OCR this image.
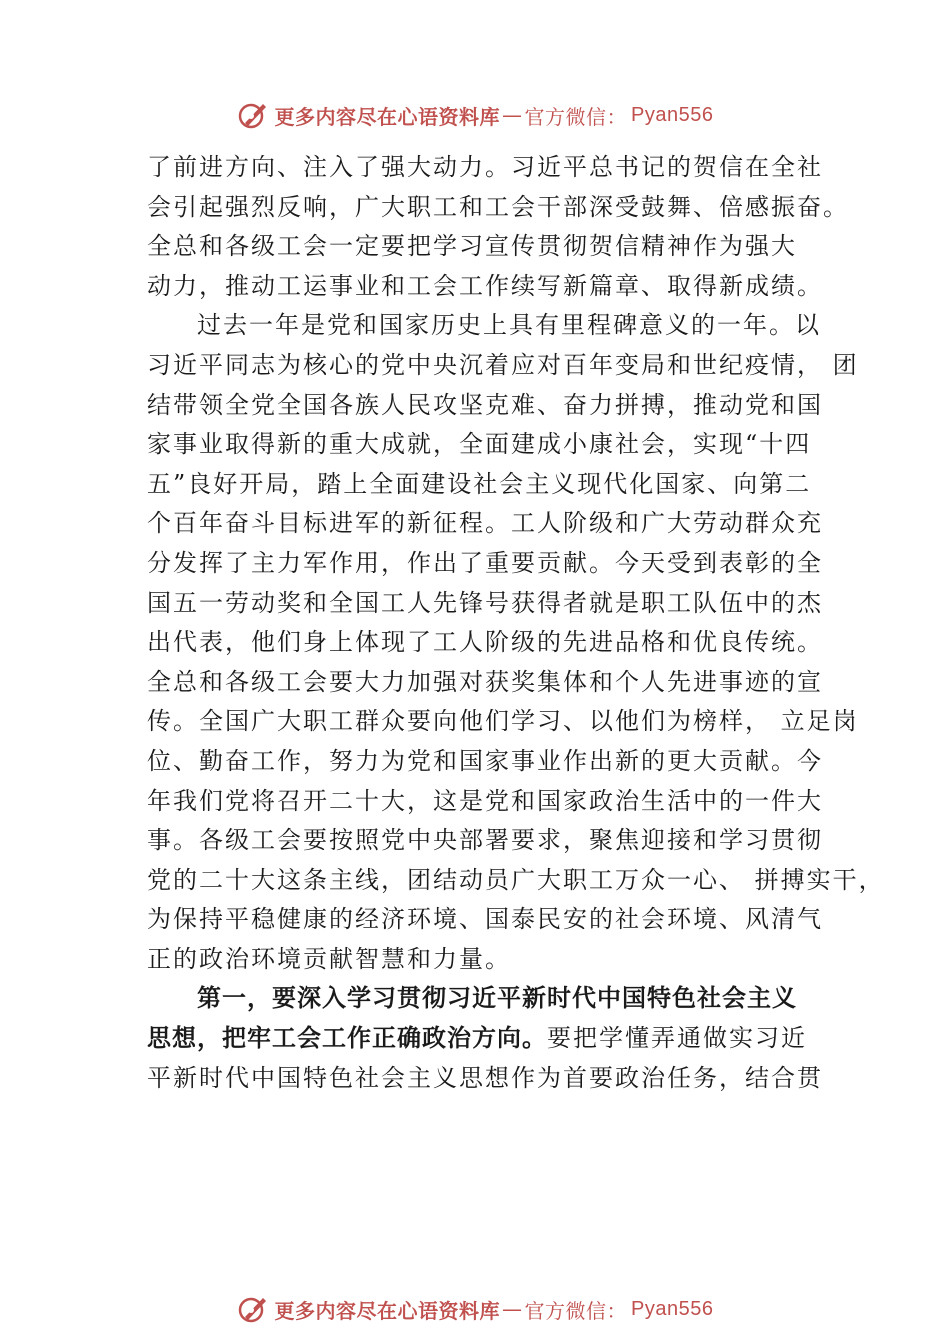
更多内容尽在心语资料库 — 官方微信： Pyan556
了前进方向、注入了强大动力。习近平总书记的贺信在全社
会引起强烈反响，广大职工和工会干部深受鼓舞、倍感振奋。
全总和各级工会一定要把学习宣传贯彻贺信精神作为强大
动力，推动工运事业和工会工作续写新篇章、取得新成绩。
过去一年是党和国家历史上具有里程碑意义的一年。以
习近平同志为核心的党中央沉着应对百年变局和世纪疫情， 团
结带领全党全国各族人民攻坚克难、奋力拼搏，推动党和国
家事业取得新的重大成就，全面建成小康社会，实现“十四
五”良好开局，踏上全面建设社会主义现代化国家、向第二
个百年奋斗目标进军的新征程。工人阶级和广大劳动群众充
分发挥了主力军作用，作出了重要贡献。今天受到表彰的全
国五一劳动奖和全国工人先锋号获得者就是职工队伍中的杰
出代表，他们身上体现了工人阶级的先进品格和优良传统。
全总和各级工会要大力加强对获奖集体和个人先进事迹的宣
传。全国广大职工群众要向他们学习、以他们为榜样， 立足岗
位、勤奋工作，努力为党和国家事业作出新的更大贡献。今
年我们党将召开二十大，这是党和国家政治生活中的一件大
事。各级工会要按照党中央部署要求，聚焦迎接和学习贯彻
党的二十大这条主线，团结动员广大职工万众一心、 拼搏实干，
为保持平稳健康的经济环境、国泰民安的社会环境、风清气
正的政治环境贡献智慧和力量。
第一，要深入学习贯彻习近平新时代中国特色社会主义
思想，把牢工会工作正确政治方向。要把学懂弄通做实习近
平新时代中国特色社会主义思想作为首要政治任务，结合贯
更多内容尽在心语资料库 — 官方微信： Pyan556
